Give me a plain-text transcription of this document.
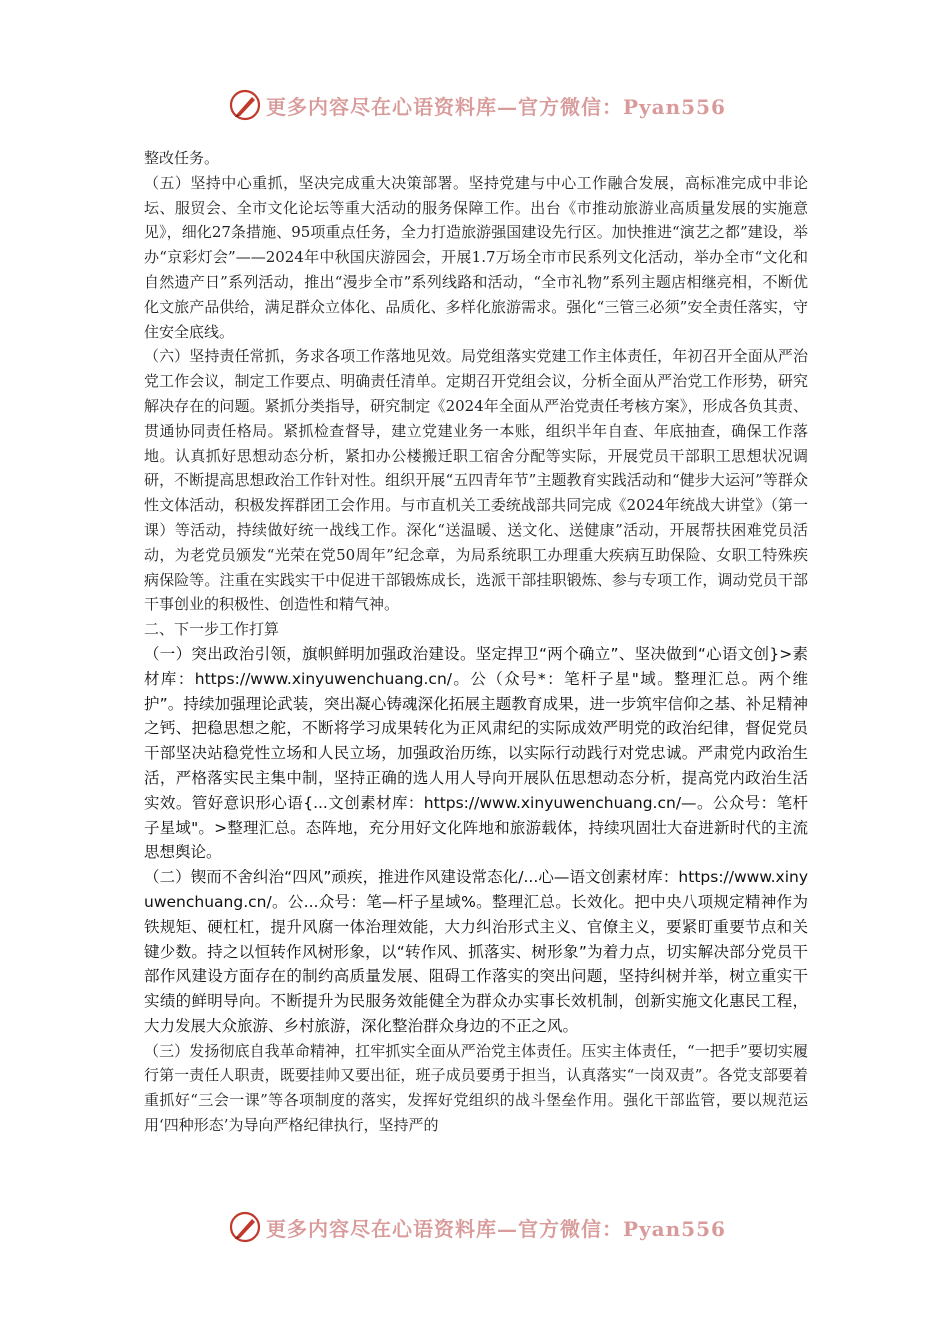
更多内容尽在心语资料库—官方微信：Pyan556

整改任务。

（五）坚持中心重抓，坚决完成重大决策部署。坚持党建与中心工作融合发展，高标准完成中非论坛、服贸会、全市文化论坛等重大活动的服务保障工作。出台《市推动旅游业高质量发展的实施意见》，细化27条措施、95项重点任务，全力打造旅游强国建设先行区。加快推进“演艺之都”建设，举办“京彩灯会”——2024年中秋国庆游园会，开展1.7万场全市市民系列文化活动，举办全市“文化和自然遗产日”系列活动，推出“漫步全市”系列线路和活动，“全市礼物”系列主题店相继亮相，不断优化文旅产品供给，满足群众立体化、品质化、多样化旅游需求。强化“三管三必须”安全责任落实，守住安全底线。

（六）坚持责任常抓，务求各项工作落地见效。局党组落实党建工作主体责任，年初召开全面从严治党工作会议，制定工作要点、明确责任清单。定期召开党组会议，分析全面从严治党工作形势，研究解决存在的问题。紧抓分类指导，研究制定《2024年全面从严治党责任考核方案》，形成各负其责、贯通协同责任格局。紧抓检查督导，建立党建业务一本账，组织半年自查、年底抽查，确保工作落地。认真抓好思想动态分析，紧扣办公楼搬迁职工宿舍分配等实际，开展党员干部职工思想状况调研，不断提高思想政治工作针对性。组织开展“五四青年节”主题教育实践活动和“健步大运河”等群众性文体活动，积极发挥群团工会作用。与市直机关工委统战部共同完成《2024年统战大讲堂》（第一课）等活动，持续做好统一战线工作。深化“送温暖、送文化、送健康”活动，开展帮扶困难党员活动，为老党员颁发“光荣在党50周年”纪念章，为局系统职工办理重大疾病互助保险、女职工特殊疾病保险等。注重在实践实干中促进干部锻炼成长，选派干部挂职锻炼、参与专项工作，调动党员干部干事创业的积极性、创造性和精气神。

二、下一步工作打算

（一）突出政治引领，旗帜鲜明加强政治建设。坚定捍卫“两个确立”、坚决做到“心语文创}>素材库：https://www.xinyuwenchuang.cn/。公（众号*：笔杆子星"域。整理汇总。两个维护”。持续加强理论武装，突出凝心铸魂深化拓展主题教育成果，进一步筑牢信仰之基、补足精神之钙、把稳思想之舵，不断将学习成果转化为正风肃纪的实际成效严明党的政治纪律，督促党员干部坚决站稳党性立场和人民立场，加强政治历练，以实际行动践行对党忠诚。严肃党内政治生活，严格落实民主集中制，坚持正确的选人用人导向开展队伍思想动态分析，提高党内政治生活实效。管好意识形心语{...文创素材库：https://www.xinyuwenchuang.cn/—。公众号：笔杆子星域"。>整理汇总。态阵地，充分用好文化阵地和旅游载体，持续巩固壮大奋进新时代的主流思想舆论。

（二）锲而不舍纠治“四风”顽疾，推进作风建设常态化/...心—语文创素材库：https://www.xinyuwenchuang.cn/。公...众号：笔—杆子星域%。整理汇总。长效化。把中央八项规定精神作为铁规矩、硬杠杠，提升风腐一体治理效能，大力纠治形式主义、官僚主义，要紧盯重要节点和关键少数。持之以恒转作风树形象，以“转作风、抓落实、树形象”为着力点，切实解决部分党员干部作风建设方面存在的制约高质量发展、阻碍工作落实的突出问题，坚持纠树并举，树立重实干实绩的鲜明导向。不断提升为民服务效能健全为群众办实事长效机制，创新实施文化惠民工程，大力发展大众旅游、乡村旅游，深化整治群众身边的不正之风。

（三）发扬彻底自我革命精神，扛牢抓实全面从严治党主体责任。压实主体责任，“一把手”要切实履行第一责任人职责，既要挂帅又要出征，班子成员要勇于担当，认真落实“一岗双责”。各党支部要着重抓好“三会一课”等各项制度的落实，发挥好党组织的战斗堡垒作用。强化干部监管，要以规范运用‘四种形态’为导向严格纪律执行，坚持严的

更多内容尽在心语资料库—官方微信：Pyan556
